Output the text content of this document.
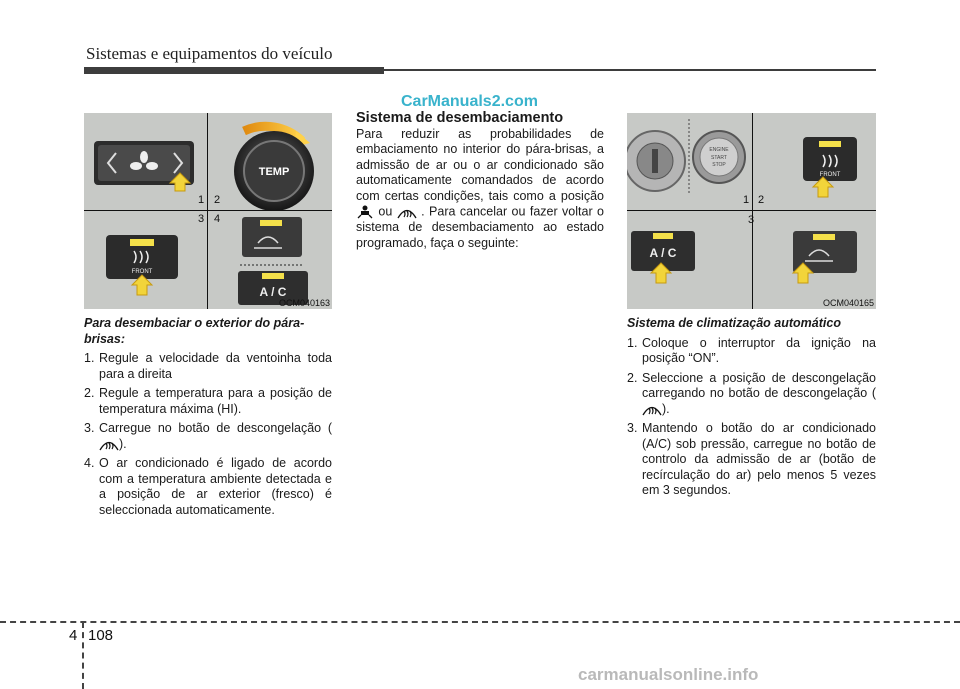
Sistemas e equipamentos do veículo
CarManuals2.com
TEMP
FRONT
A / C
1 2
3 4
OCM040163
ENGINE
START
STOP
FRONT
A / C
1 2
3
OCM040165

Para desembaciar o exterior do pára-brisas:

1. Regule a velocidade da ventoinha toda para a direita
2. Regule a temperatura para a posição de temperatura máxima (HI).
3. Carregue no botão de descongelação ( ).
4. O ar condicionado é ligado de acordo com a temperatura ambiente detectada e a posição de ar exterior (fresco) é seleccionada automaticamente.

Sistema de desembaciamento

Para reduzir as probabilidades de embaciamento no interior do pára-brisas, a admissão de ar ou o ar condicionado são automaticamente comandados de acordo com certas condições, tais como a posição  ou . Para cancelar ou fazer voltar o sistema de desembaciamento ao estado programado, faça o seguinte:

Sistema de climatização automático

1. Coloque o interruptor da ignição na posição “ON”.
2. Seleccione a posição de descongelação carregando no botão de descongelação ( ).
3. Mantendo o botão do ar condicionado (A/C) sob pressão, carregue no botão de controlo da admissão de ar (botão de recírculação do ar) pelo menos 5 vezes em 3 segundos.
4 108
carmanualsonline.info
